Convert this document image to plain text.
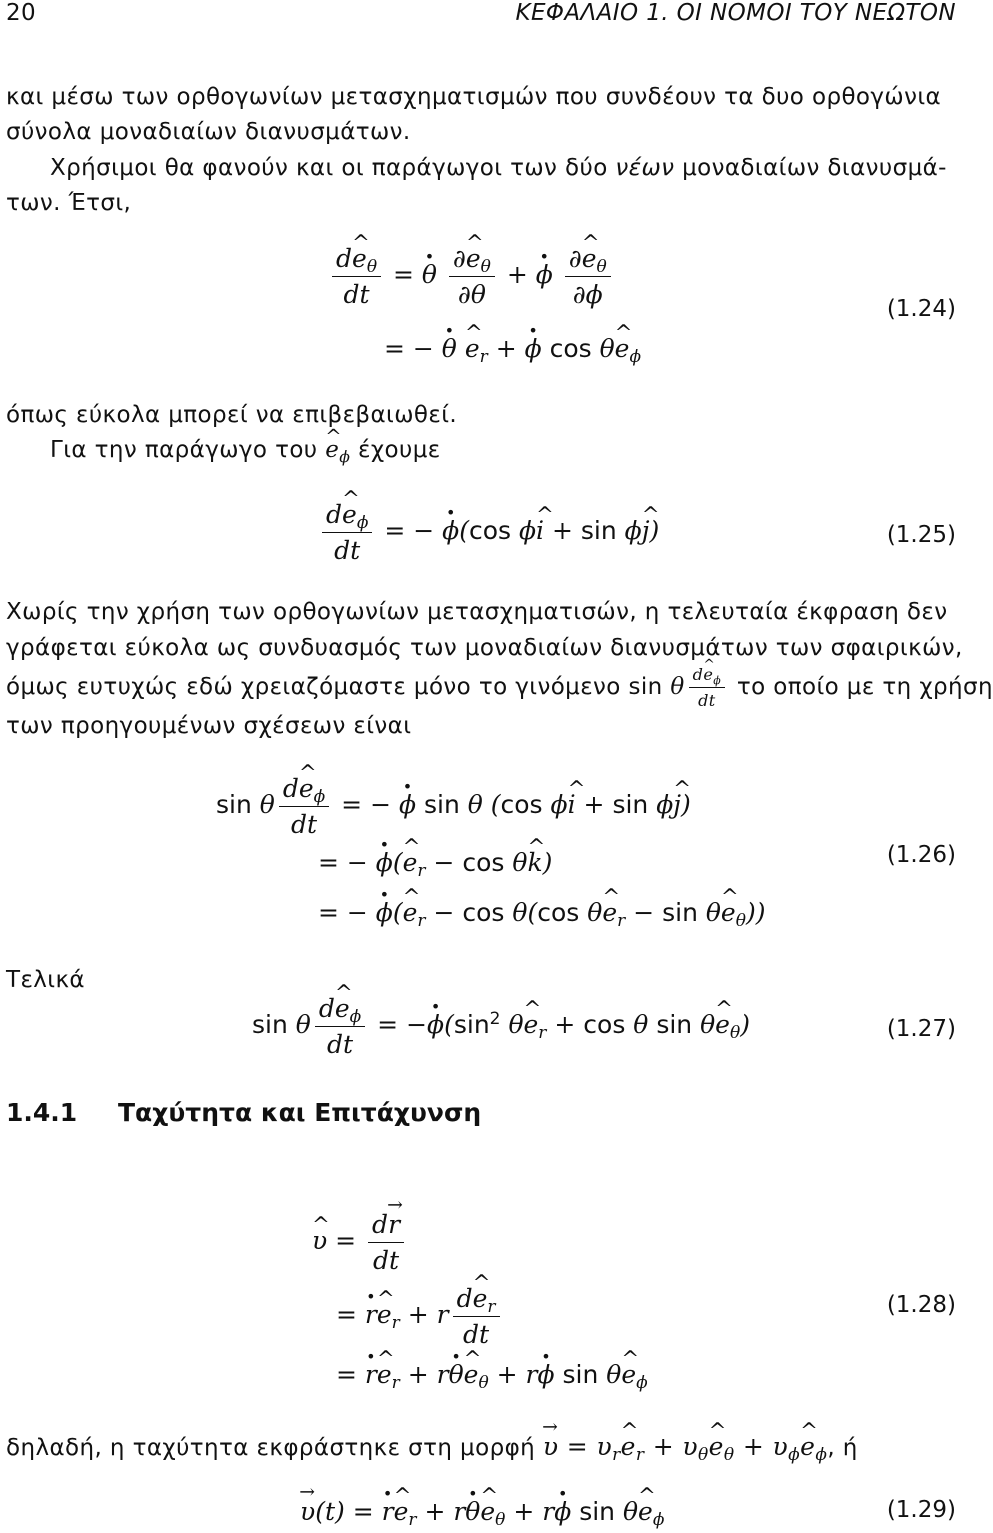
20	ΚΕΦΑΛΑΙΟ 1. ΟΙ ΝΟΜΟΙ ΤΟΥ ΝΕΩΤΟΝ
και μέσω των ορθογωνίων μετασχηματισμών που συνδέουν τα δυο ορθογώνια
σύνολα μοναδιαίων διανυσμάτων.
Χρήσιμοι θα φανούν και οι παράγωγοι των δύο νέων μοναδιαίων διανυσμά-
των. Έτσι,
$\frac{de \^{}_\theta}{dt} = \theta \cdot \frac{\partial e \^{}_\theta}{\partial\theta} + \phi \cdot \frac{\partial e \^{}_\theta}{\partial\phi}$
= − θ · e $\^{}_r + \phi \cdot \cos \theta e$ $\^{}_\phi$
(1.24)
όπως εύκολα μπορεί να επιβεβαιωθεί.
Για την παράγωγο του e $\^{}_\phi$ έχουμε
$\frac{de \^{}_\phi}{dt}$ = − ϕ ·(cos ϕi ^ + sin ϕj ^)	(1.25)
Χωρίς την χρήση των ορθογωνίων μετασχηματισών, η τελευταία έκφραση δεν
γράφεται εύκολα ως συνδυασμός των μοναδιαίων διανυσμάτων των σφαιρικών,
όμως ευτυχώς εδώ χρειαζόμαστε μόνο το γινόμενο sin θ $\frac{de \^{}_\phi}{dt}$ το οποίο με τη χρήση
των προηγουμένων σχέσεων είναι
sin θ $\frac{de \^{}_\phi}{dt}$ = − ϕ · sin θ (cos ϕi ^ + sin ϕj ^)
= − ϕ ·(e $\^{}_r - \cos \theta k$ ^)
= − ϕ ·(e $\^{}_r - \cos \theta(\cos$ θe $\^{}_r - \sin \theta e$ $\^{}_\theta$))
(1.26)
Τελικά
sin θ $\frac{de \^{}_\phi}{dt} = -\phi \cdot(\sin^2$ θe $\^{}_r + \cos \theta$ sin θe $\^{}_\theta$)	(1.27)
1.4.1 Ταχύτητα και Επιτάχυνση
υ ^ = $\frac{dr \to}{dt}$
= r ·e $\^{}_r + r \frac{de \^{}_r}{dt}$
= r ·e $\^{}_r + r\theta \cdot e$ $\^{}_\theta + r\phi \cdot \sin \theta e$ $\^{}_\phi$
(1.28)
δηλαδή, η ταχύτητα εκφράστηκε στη μορφή υ → = $\upsilon_re$ $\^{}_r + \upsilon_\theta e$ $\^{}_\theta + \upsilon_\phi e$ $\^{}_\phi$, ή
υ →(t) = r ·e $\^{}_r + r\theta \cdot e$ $\^{}_\theta + r\phi \cdot \sin \theta e$ $\^{}_\phi$	(1.29)
